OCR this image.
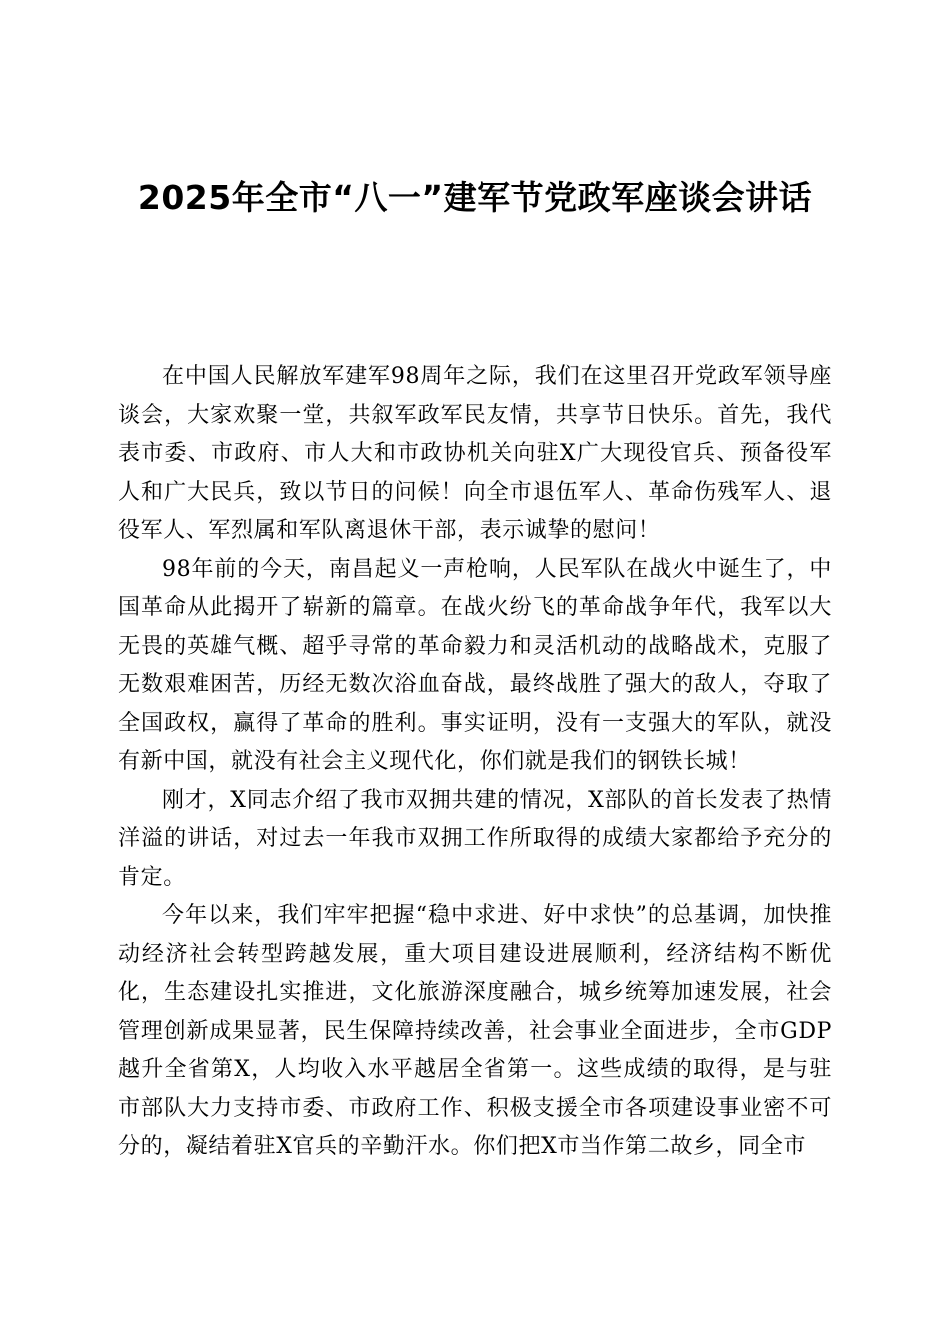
2025年全市“八一”建军节党政军座谈会讲话

在中国人民解放军建军98周年之际，我们在这里召开党政军领导座谈会，大家欢聚一堂，共叙军政军民友情，共享节日快乐。首先，我代表市委、市政府、市人大和市政协机关向驻X广大现役官兵、预备役军人和广大民兵，致以节日的问候！向全市退伍军人、革命伤残军人、退役军人、军烈属和军队离退休干部，表示诚挚的慰问！

98年前的今天，南昌起义一声枪响，人民军队在战火中诞生了，中国革命从此揭开了崭新的篇章。在战火纷飞的革命战争年代，我军以大无畏的英雄气概、超乎寻常的革命毅力和灵活机动的战略战术，克服了无数艰难困苦，历经无数次浴血奋战，最终战胜了强大的敌人，夺取了全国政权，赢得了革命的胜利。事实证明，没有一支强大的军队，就没有新中国，就没有社会主义现代化，你们就是我们的钢铁长城！

刚才，X同志介绍了我市双拥共建的情况，X部队的首长发表了热情洋溢的讲话，对过去一年我市双拥工作所取得的成绩大家都给予充分的肯定。

今年以来，我们牢牢把握“稳中求进、好中求快”的总基调，加快推动经济社会转型跨越发展，重大项目建设进展顺利，经济结构不断优化，生态建设扎实推进，文化旅游深度融合，城乡统筹加速发展，社会管理创新成果显著，民生保障持续改善，社会事业全面进步，全市GDP越升全省第X，人均收入水平越居全省第一。这些成绩的取得，是与驻市部队大力支持市委、市政府工作、积极支援全市各项建设事业密不可分的，凝结着驻X官兵的辛勤汗水。你们把X市当作第二故乡，同全市
